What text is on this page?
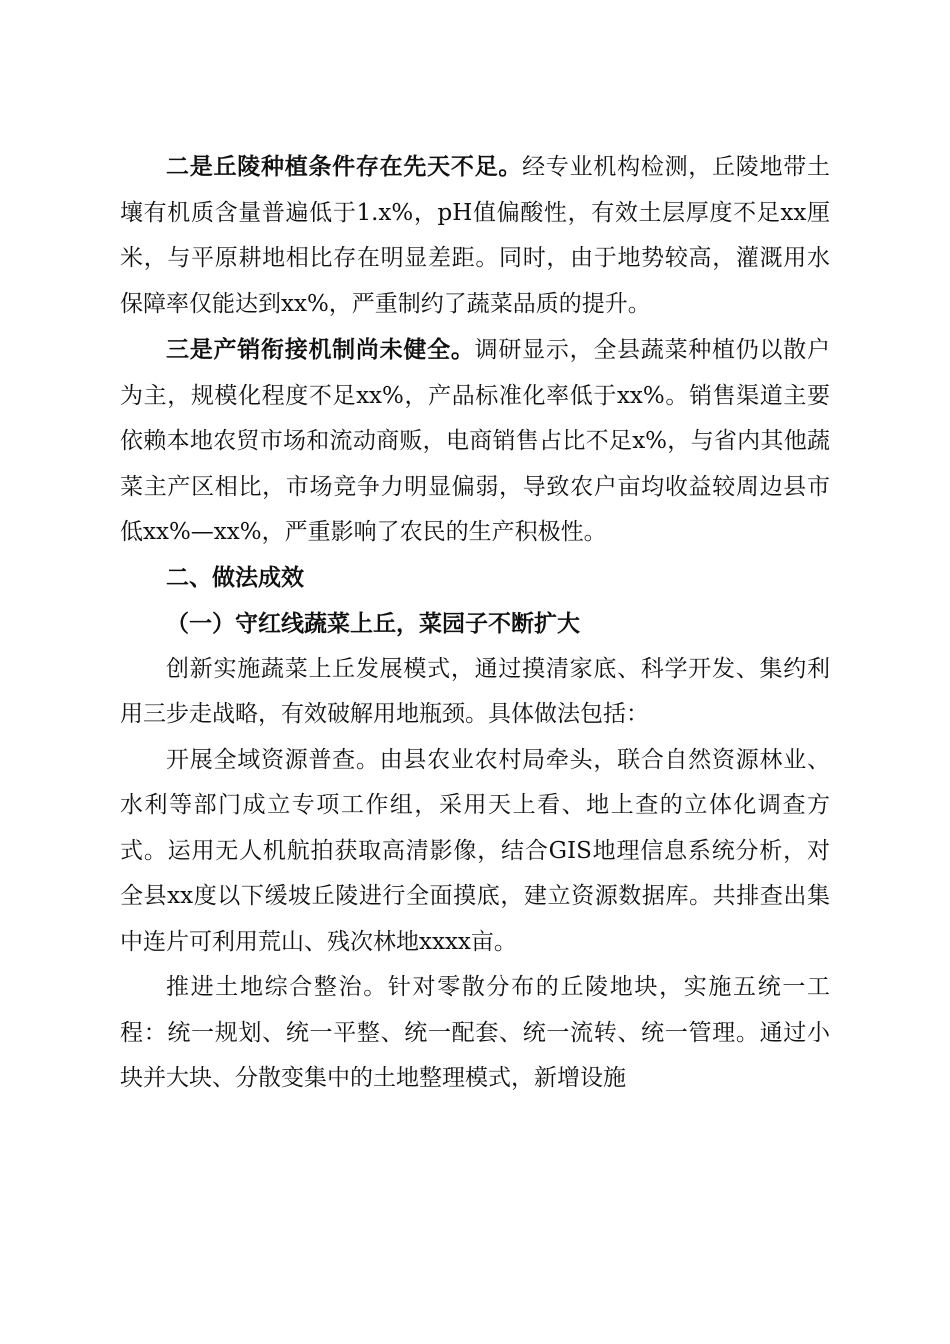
二是丘陵种植条件存在先天不足。经专业机构检测，丘陵地带土壤有机质含量普遍低于1.x%，pH值偏酸性，有效土层厚度不足xx厘米，与平原耕地相比存在明显差距。同时，由于地势较高，灌溉用水保障率仅能达到xx%，严重制约了蔬菜品质的提升。

三是产销衔接机制尚未健全。调研显示，全县蔬菜种植仍以散户为主，规模化程度不足xx%，产品标准化率低于xx%。销售渠道主要依赖本地农贸市场和流动商贩，电商销售占比不足x%，与省内其他蔬菜主产区相比，市场竞争力明显偏弱，导致农户亩均收益较周边县市低xx%—xx%，严重影响了农民的生产积极性。

二、做法成效

（一）守红线蔬菜上丘，菜园子不断扩大

创新实施蔬菜上丘发展模式，通过摸清家底、科学开发、集约利用三步走战略，有效破解用地瓶颈。具体做法包括：

开展全域资源普查。由县农业农村局牵头，联合自然资源林业、水利等部门成立专项工作组，采用天上看、地上查的立体化调查方式。运用无人机航拍获取高清影像，结合GIS地理信息系统分析，对全县xx度以下缓坡丘陵进行全面摸底，建立资源数据库。共排查出集中连片可利用荒山、残次林地xxxx亩。

推进土地综合整治。针对零散分布的丘陵地块，实施五统一工程：统一规划、统一平整、统一配套、统一流转、统一管理。通过小块并大块、分散变集中的土地整理模式，新增设施
